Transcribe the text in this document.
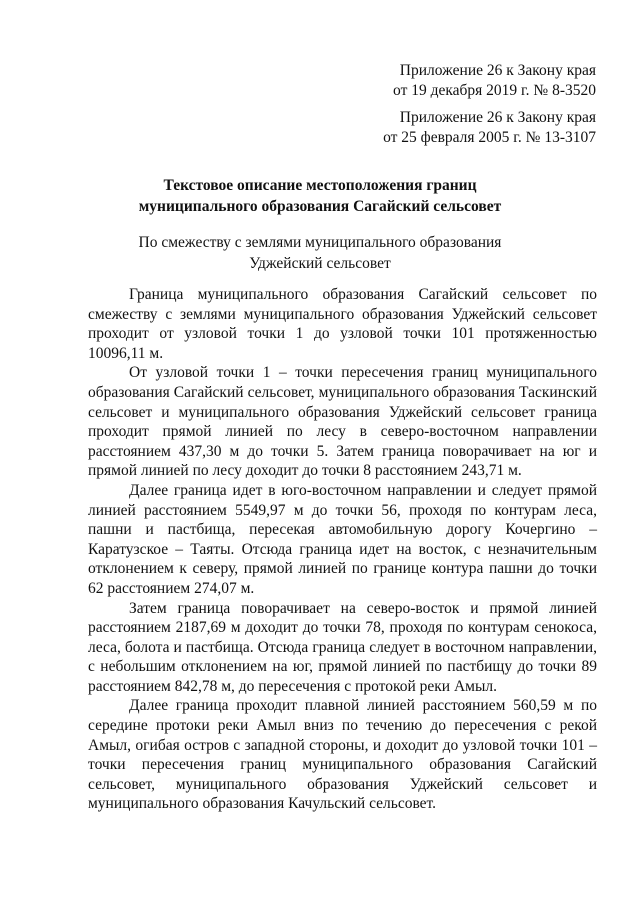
Приложение 26 к Закону края
от 19 декабря 2019 г. № 8-3520
Приложение 26 к Закону края
от 25 февраля 2005 г. № 13-3107
Текстовое описание местоположения границ
муниципального образования Сагайский сельсовет
По смежеству с землями муниципального образования
Уджейский сельсовет

Граница муниципального образования Сагайский сельсовет по смежеству с землями муниципального образования Уджейский сельсовет проходит от узловой точки 1 до узловой точки 101 протяженностью 10096,11 м.

От узловой точки 1 – точки пересечения границ муниципального образования Сагайский сельсовет, муниципального образования Таскинский сельсовет и муниципального образования Уджейский сельсовет граница проходит прямой линией по лесу в северо-восточном направлении расстоянием 437,30 м до точки 5. Затем граница поворачивает на юг и прямой линией по лесу доходит до точки 8 расстоянием 243,71 м.

Далее граница идет в юго-восточном направлении и следует прямой линией расстоянием 5549,97 м до точки 56, проходя по контурам леса, пашни и пастбища, пересекая автомобильную дорогу Кочергино – Каратузское – Таяты. Отсюда граница идет на восток, с незначительным отклонением к северу, прямой линией по границе контура пашни до точки 62 расстоянием 274,07 м.

Затем граница поворачивает на северо-восток и прямой линией расстоянием 2187,69 м доходит до точки 78, проходя по контурам сенокоса, леса, болота и пастбища. Отсюда граница следует в восточном направлении, с небольшим отклонением на юг, прямой линией по пастбищу до точки 89 расстоянием 842,78 м, до пересечения с протокой реки Амыл.

Далее граница проходит плавной линией расстоянием 560,59 м по середине протоки реки Амыл вниз по течению до пересечения с рекой Амыл, огибая остров с западной стороны, и доходит до узловой точки 101 – точки пересечения границ муниципального образования Сагайский сельсовет, муниципального образования Уджейский сельсовет и муниципального образования Качульский сельсовет.
